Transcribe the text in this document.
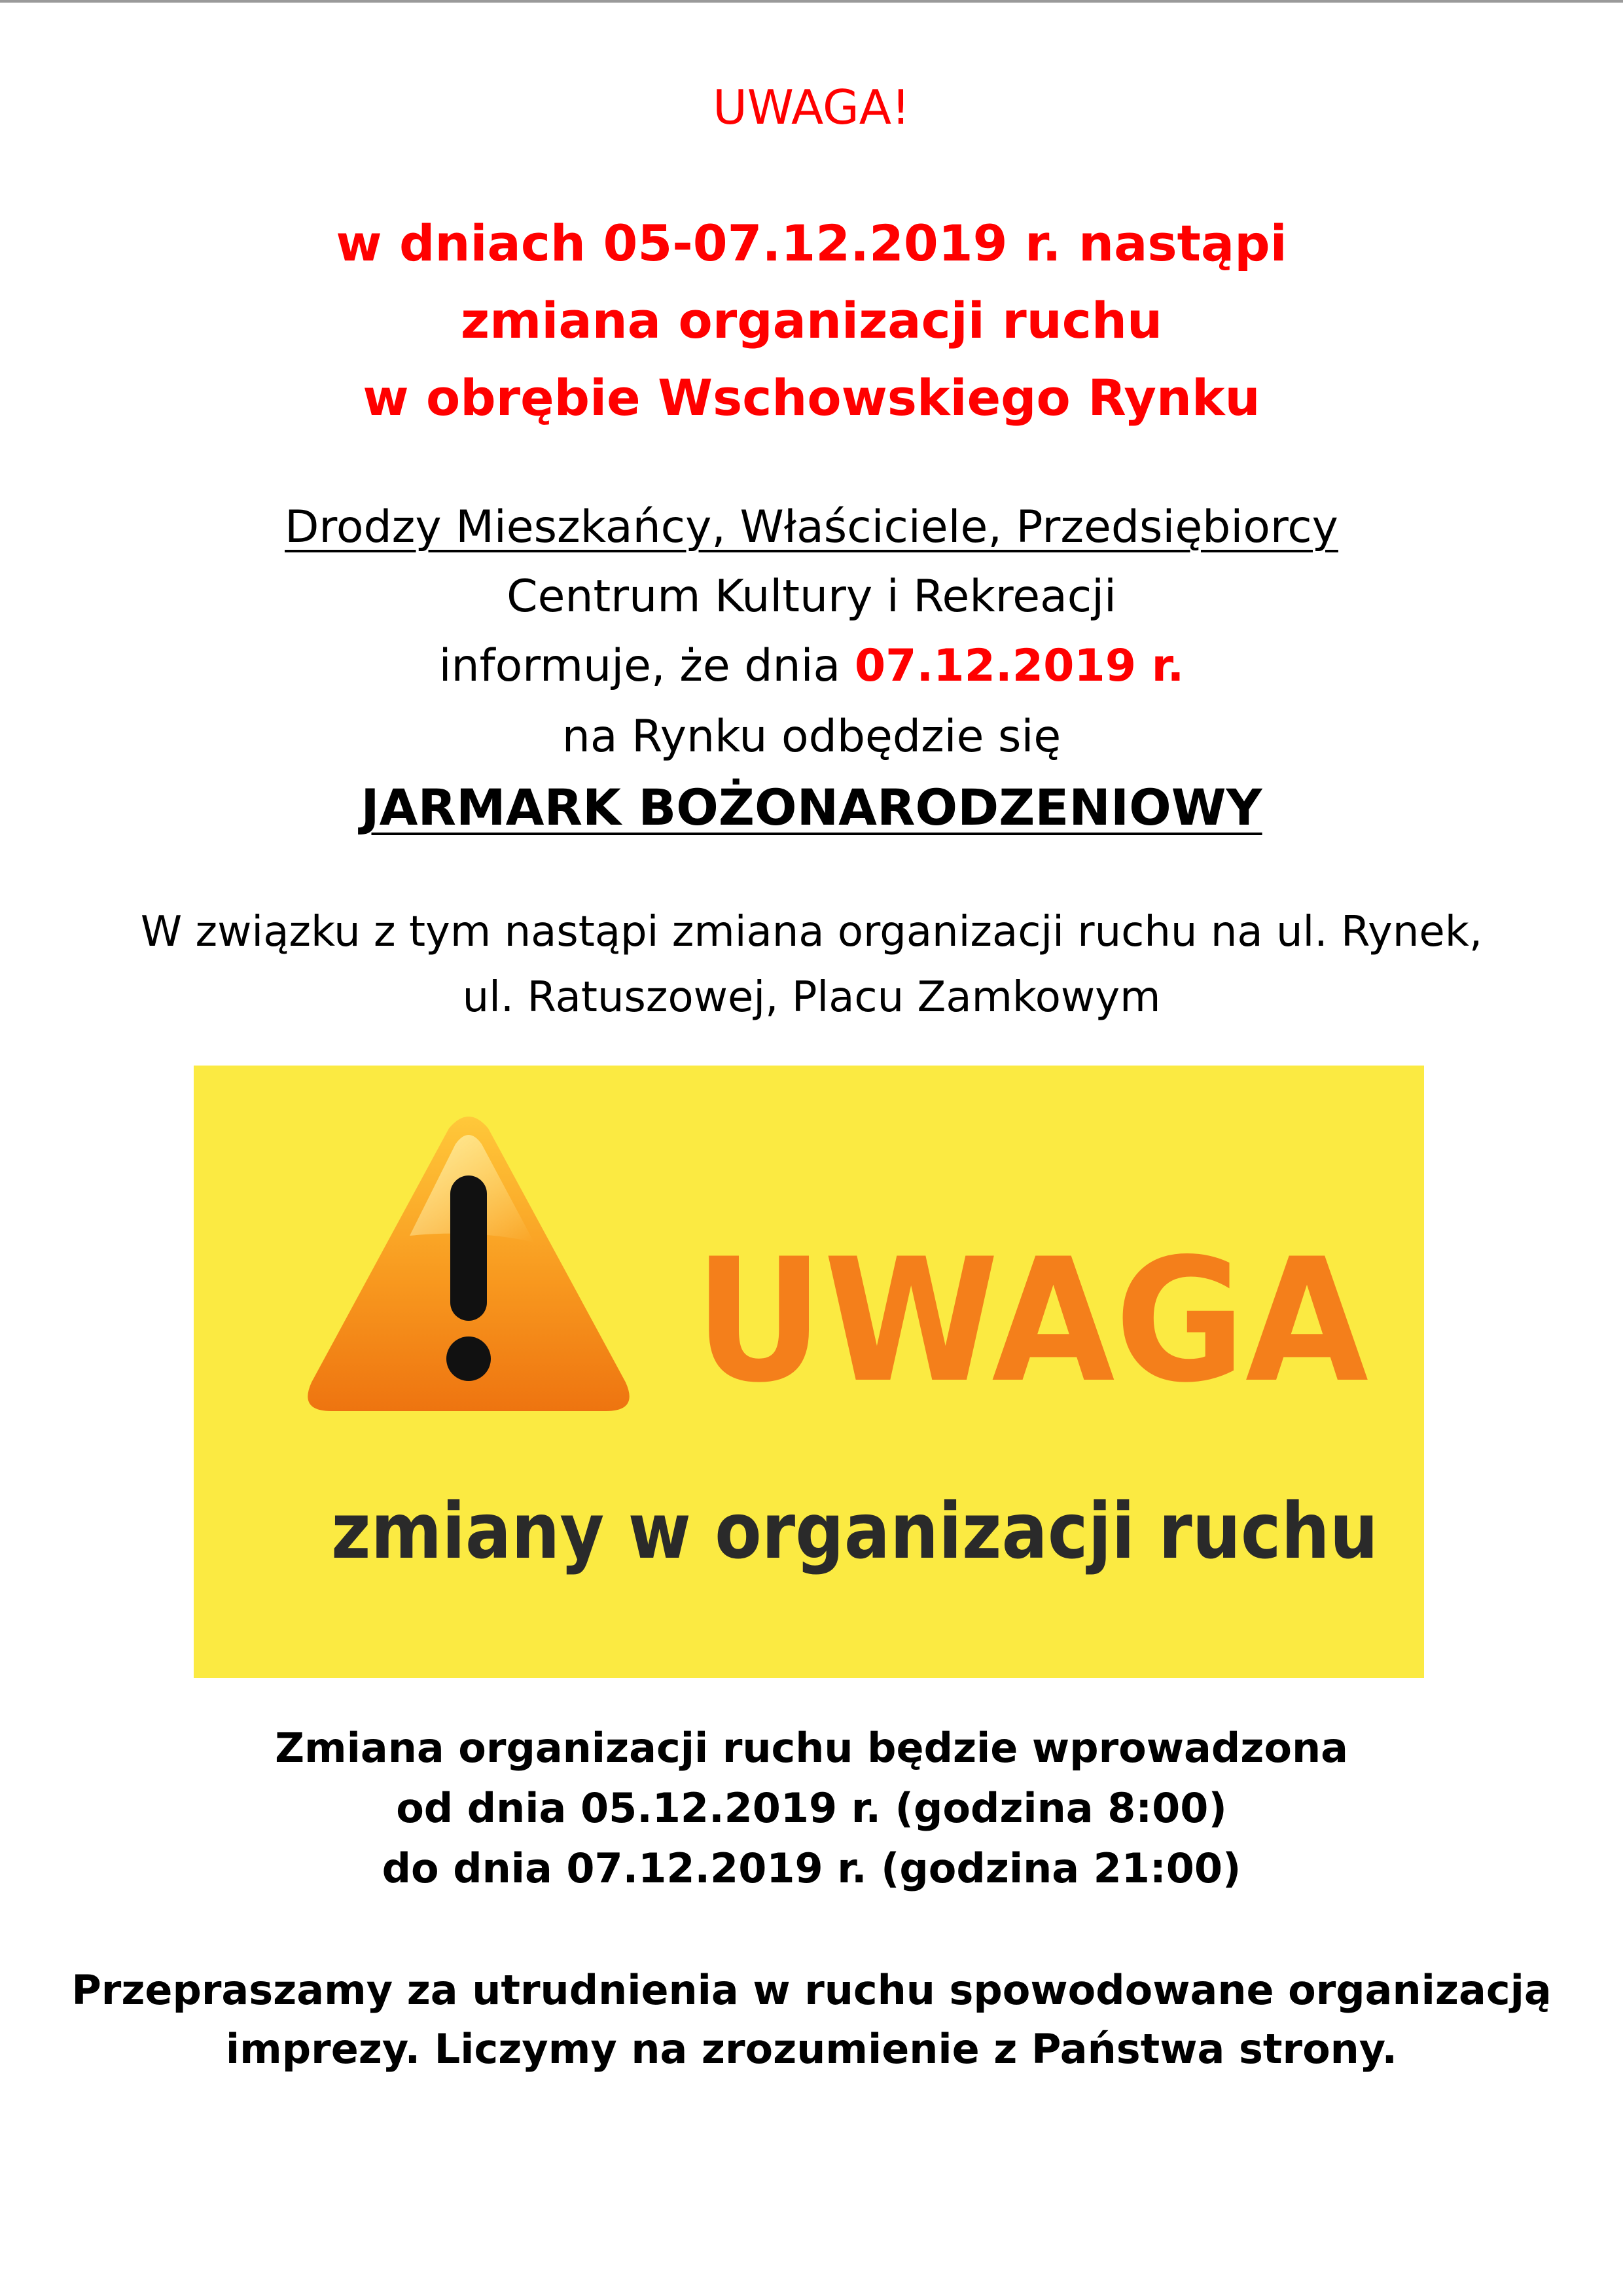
UWAGA!
w dniach 05-07.12.2019 r. nastąpi
zmiana organizacji ruchu
w obrębie Wschowskiego Rynku
Drodzy Mieszkańcy, Właściciele, Przedsiębiorcy
Centrum Kultury i Rekreacji
informuje, że dnia 07.12.2019 r.
na Rynku odbędzie się
JARMARK BOŻONARODZENIOWY
W związku z tym nastąpi zmiana organizacji ruchu na ul. Rynek,
ul. Ratuszowej, Placu Zamkowym
UWAGA
zmiany w organizacji ruchu
Zmiana organizacji ruchu będzie wprowadzona
od dnia 05.12.2019 r. (godzina 8:00)
do dnia 07.12.2019 r. (godzina 21:00)
Przepraszamy za utrudnienia w ruchu spowodowane organizacją
imprezy. Liczymy na zrozumienie z Państwa strony.
